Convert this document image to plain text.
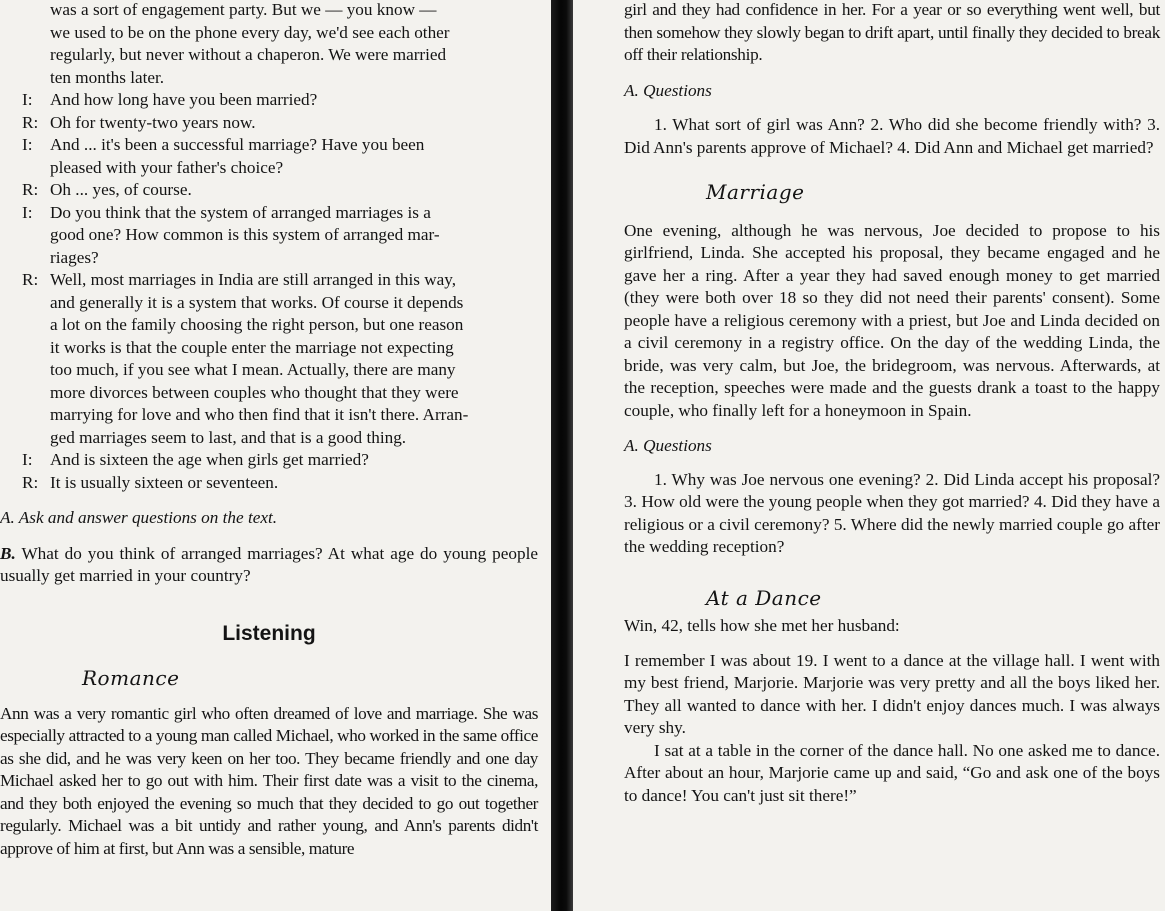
was a sort of engagement party. But we — you know —

we used to be on the phone every day, we'd see each other

regularly, but never without a chaperon. We were married

ten months later.

I:	And how long have you been married?

R: Oh for twenty-two years now.

I:	And ... it's been a successful marriage? Have you been

pleased with your father's choice?

R: Oh ... yes, of course.

I:	Do you think that the system of arranged marriages is a

good one? How common is this system of arranged mar-

riages?

R: Well, most marriages in India are still arranged in this way,

and generally it is a system that works. Of course it depends

a lot on the family choosing the right person, but one reason

it works is that the couple enter the marriage not expecting

too much, if you see what I mean. Actually, there are many

more divorces between couples who thought that they were

marrying for love and who then find that it isn't there. Arran-

ged marriages seem to last, and that is a good thing.

I:	And is sixteen the age when girls get married?

R: It is usually sixteen or seventeen.

A. Ask and answer questions on the text.

B. What do you think of arranged marriages? At what age do young people usually get married in your country?

Listening
Romance

Ann was a very romantic girl who often dreamed of love and marriage. She was especially attracted to a young man called Michael, who worked in the same office as she did, and he was very keen on her too. They became friendly and one day Michael asked her to go out with him. Their first date was a visit to the cinema, and they both enjoyed the evening so much that they decided to go out together regularly. Michael was a bit untidy and rather young, and Ann's parents didn't approve of him at first, but Ann was a sensible, mature

girl and they had confidence in her. For a year or so everything went well, but then somehow they slowly began to drift apart, until finally they decided to break off their relationship.

A. Questions

1. What sort of girl was Ann? 2. Who did she become friendly with? 3. Did Ann's parents approve of Michael? 4. Did Ann and Michael get married?

Marriage

One evening, although he was nervous, Joe decided to propose to his girlfriend, Linda. She accepted his proposal, they became engaged and he gave her a ring. After a year they had saved enough money to get married (they were both over 18 so they did not need their parents' consent). Some people have a religious ceremony with a priest, but Joe and Linda decided on a civil ceremony in a registry office. On the day of the wedding Linda, the bride, was very calm, but Joe, the bridegroom, was nervous. Afterwards, at the reception, speeches were made and the guests drank a toast to the happy couple, who finally left for a honeymoon in Spain.

A. Questions

1. Why was Joe nervous one evening? 2. Did Linda accept his proposal? 3. How old were the young people when they got married? 4. Did they have a religious or a civil ceremony? 5. Where did the newly married couple go after the wedding reception?

At a Dance

Win, 42, tells how she met her husband:

I remember I was about 19. I went to a dance at the village hall. I went with my best friend, Marjorie. Marjorie was very pretty and all the boys liked her. They all wanted to dance with her. I didn't enjoy dances much. I was always very shy.

I sat at a table in the corner of the dance hall. No one asked me to dance. After about an hour, Marjorie came up and said, “Go and ask one of the boys to dance! You can't just sit there!”
